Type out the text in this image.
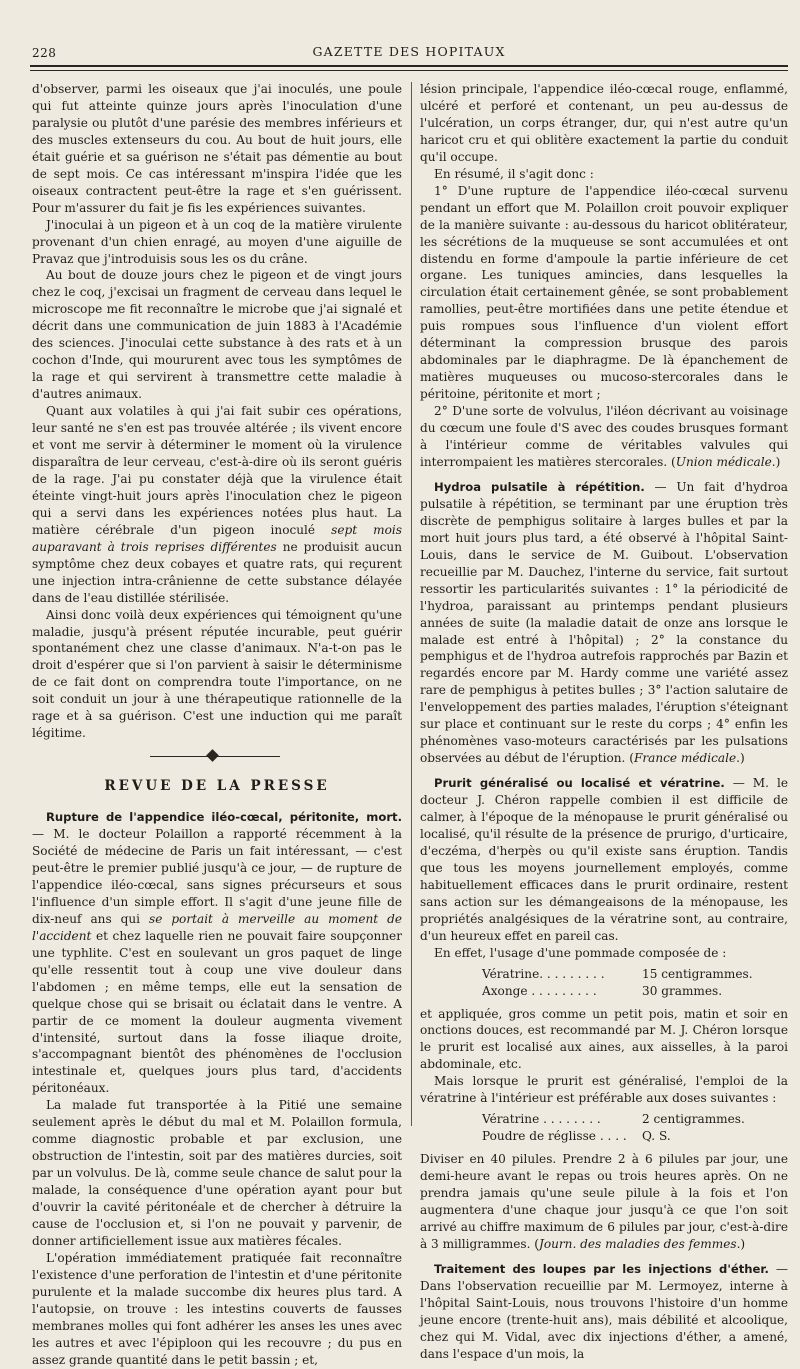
228	GAZETTE DES HOPITAUX

d'observer, parmi les oiseaux que j'ai inoculés, une poule qui fut atteinte quinze jours après l'inoculation d'une paralysie ou plutôt d'une parésie des membres inférieurs et des muscles extenseurs du cou. Au bout de huit jours, elle était guérie et sa guérison ne s'était pas démentie au bout de sept mois. Ce cas intéressant m'inspira l'idée que les oiseaux contractent peut-être la rage et s'en guérissent. Pour m'assurer du fait je fis les expériences suivantes.

J'inoculai à un pigeon et à un coq de la matière virulente provenant d'un chien enragé, au moyen d'une aiguille de Pravaz que j'introduisis sous les os du crâne.

Au bout de douze jours chez le pigeon et de vingt jours chez le coq, j'excisai un fragment de cerveau dans lequel le microscope me fit reconnaître le microbe que j'ai signalé et décrit dans une communication de juin 1883 à l'Académie des sciences. J'inoculai cette substance à des rats et à un cochon d'Inde, qui moururent avec tous les symptômes de la rage et qui servirent à transmettre cette maladie à d'autres animaux.

Quant aux volatiles à qui j'ai fait subir ces opérations, leur santé ne s'en est pas trouvée altérée ; ils vivent encore et vont me servir à déterminer le moment où la virulence disparaîtra de leur cerveau, c'est-à-dire où ils seront guéris de la rage. J'ai pu constater déjà que la virulence était éteinte vingt-huit jours après l'inoculation chez le pigeon qui a servi dans les expériences notées plus haut. La matière cérébrale d'un pigeon inoculé sept mois auparavant à trois reprises différentes ne produisit aucun symptôme chez deux cobayes et quatre rats, qui reçurent une injection intra-crânienne de cette substance délayée dans de l'eau distillée stérilisée.

Ainsi donc voilà deux expériences qui témoignent qu'une maladie, jusqu'à présent réputée incurable, peut guérir spontanément chez une classe d'animaux. N'a-t-on pas le droit d'espérer que si l'on parvient à saisir le déterminisme de ce fait dont on comprendra toute l'importance, on ne soit conduit un jour à une thérapeutique rationnelle de la rage et à sa guérison. C'est une induction qui me paraît légitime.

REVUE DE LA PRESSE

Rupture de l'appendice iléo-cœcal, péritonite, mort. — M. le docteur Polaillon a rapporté récemment à la Société de médecine de Paris un fait intéressant, — c'est peut-être le premier publié jusqu'à ce jour, — de rupture de l'appendice iléo-cœcal, sans signes précurseurs et sous l'influence d'un simple effort. Il s'agit d'une jeune fille de dix-neuf ans qui se portait à merveille au moment de l'accident et chez laquelle rien ne pouvait faire soupçonner une typhlite. C'est en soulevant un gros paquet de linge qu'elle ressentit tout à coup une vive douleur dans l'abdomen ; en même temps, elle eut la sensation de quelque chose qui se brisait ou éclatait dans le ventre. A partir de ce moment la douleur augmenta vivement d'intensité, surtout dans la fosse iliaque droite, s'accompagnant bientôt des phénomènes de l'occlusion intestinale et, quelques jours plus tard, d'accidents péritonéaux.

La malade fut transportée à la Pitié une semaine seulement après le début du mal et M. Polaillon formula, comme diagnostic probable et par exclusion, une obstruction de l'intestin, soit par des matières durcies, soit par un volvulus. De là, comme seule chance de salut pour la malade, la conséquence d'une opération ayant pour but d'ouvrir la cavité péritonéale et de chercher à détruire la cause de l'occlusion et, si l'on ne pouvait y parvenir, de donner artificiellement issue aux matières fécales.

L'opération immédiatement pratiquée fait reconnaître l'existence d'une perforation de l'intestin et d'une péritonite purulente et la malade succombe dix heures plus tard. A l'autopsie, on trouve : les intestins couverts de fausses membranes molles qui font adhérer les anses les unes avec les autres et avec l'épiploon qui les recouvre ; du pus en assez grande quantité dans le petit bassin ; et,

lésion principale, l'appendice iléo-cœcal rouge, enflammé, ulcéré et perforé et contenant, un peu au-dessus de l'ulcération, un corps étranger, dur, qui n'est autre qu'un haricot cru et qui oblitère exactement la partie du conduit qu'il occupe.

En résumé, il s'agit donc :

1° D'une rupture de l'appendice iléo-cœcal survenu pendant un effort que M. Polaillon croit pouvoir expliquer de la manière suivante : au-dessous du haricot oblitérateur, les sécrétions de la muqueuse se sont accumulées et ont distendu en forme d'ampoule la partie inférieure de cet organe. Les tuniques amincies, dans lesquelles la circulation était certainement gênée, se sont probablement ramollies, peut-être mortifiées dans une petite étendue et puis rompues sous l'influence d'un violent effort déterminant la compression brusque des parois abdominales par le diaphragme. De là épanchement de matières muqueuses ou mucoso-stercorales dans le péritoine, péritonite et mort ;

2° D'une sorte de volvulus, l'iléon décrivant au voisinage du cœcum une foule d'S avec des coudes brusques formant à l'intérieur comme de véritables valvules qui interrompaient les matières stercorales. (Union médicale.)

Hydroa pulsatile à répétition. — Un fait d'hydroa pulsatile à répétition, se terminant par une éruption très discrète de pemphigus solitaire à larges bulles et par la mort huit jours plus tard, a été observé à l'hôpital Saint-Louis, dans le service de M. Guibout. L'observation recueillie par M. Dauchez, l'interne du service, fait surtout ressortir les particularités suivantes : 1° la périodicité de l'hydroa, paraissant au printemps pendant plusieurs années de suite (la maladie datait de onze ans lorsque le malade est entré à l'hôpital) ; 2° la constance du pemphigus et de l'hydroa autrefois rapprochés par Bazin et regardés encore par M. Hardy comme une variété assez rare de pemphigus à petites bulles ; 3° l'action salutaire de l'enveloppement des parties malades, l'éruption s'éteignant sur place et continuant sur le reste du corps ; 4° enfin les phénomènes vaso-moteurs caractérisés par les pulsations observées au début de l'éruption. (France médicale.)

Prurit généralisé ou localisé et vératrine. — M. le docteur J. Chéron rappelle combien il est difficile de calmer, à l'époque de la ménopause le prurit généralisé ou localisé, qu'il résulte de la présence de prurigo, d'urticaire, d'eczéma, d'herpès ou qu'il existe sans éruption. Tandis que tous les moyens journellement employés, comme habituellement efficaces dans le prurit ordinaire, restent sans action sur les démangeaisons de la ménopause, les propriétés analgésiques de la vératrine sont, au contraire, d'un heureux effet en pareil cas.

En effet, l'usage d'une pommade composée de :

Vératrine. . . . . . . . .	15 centigrammes.
Axonge . . . . . . . . .	30 grammes.

et appliquée, gros comme un petit pois, matin et soir en onctions douces, est recommandé par M. J. Chéron lorsque le prurit est localisé aux aines, aux aisselles, à la paroi abdominale, etc.

Mais lorsque le prurit est généralisé, l'emploi de la vératrine à l'intérieur est préférable aux doses suivantes :

Vératrine . . . . . . . .	2 centigrammes.
Poudre de réglisse . . . .	Q. S.

Diviser en 40 pilules. Prendre 2 à 6 pilules par jour, une demi-heure avant le repas ou trois heures après. On ne prendra jamais qu'une seule pilule à la fois et l'on augmentera d'une chaque jour jusqu'à ce que l'on soit arrivé au chiffre maximum de 6 pilules par jour, c'est-à-dire à 3 milligrammes. (Journ. des maladies des femmes.)

Traitement des loupes par les injections d'éther. — Dans l'observation recueillie par M. Lermoyez, interne à l'hôpital Saint-Louis, nous trouvons l'histoire d'un homme jeune encore (trente-huit ans), mais débilité et alcoolique, chez qui M. Vidal, avec dix injections d'éther, a amené, dans l'espace d'un mois, la
